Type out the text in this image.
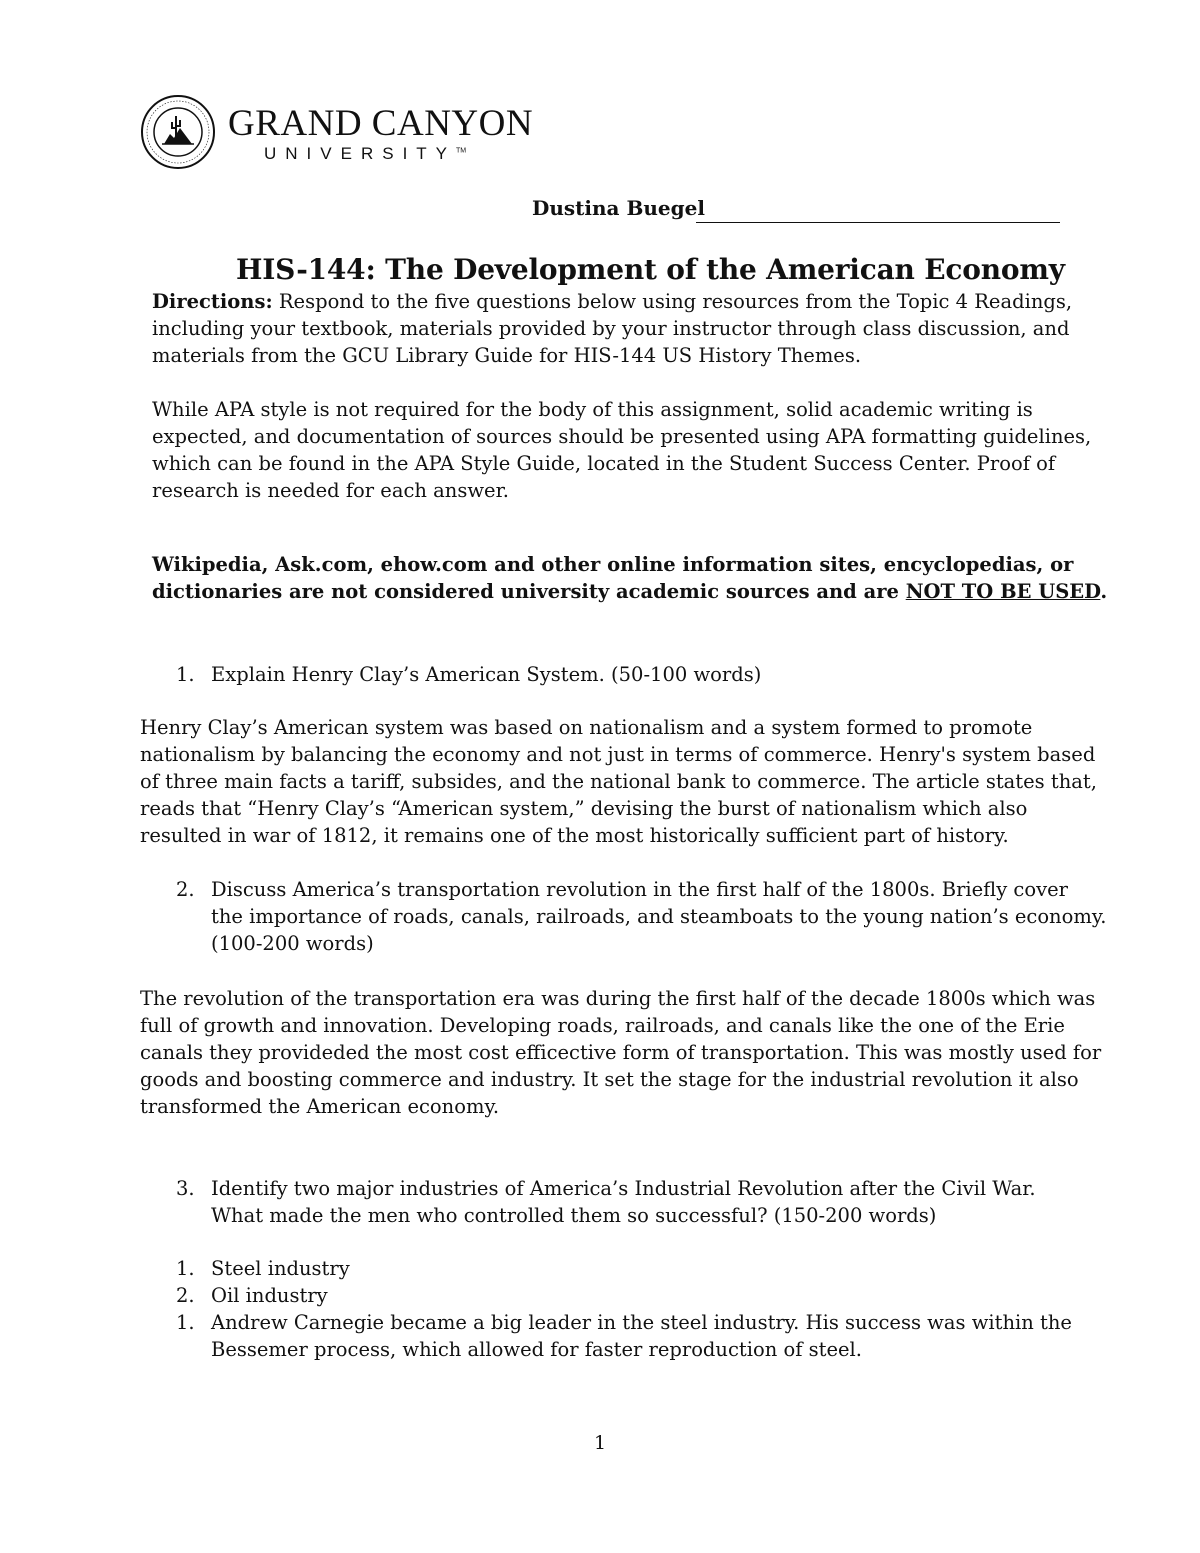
GRAND CANYON
UNIVERSITY™
Dustina Buegel
HIS-144: The Development of the American Economy
Directions: Respond to the five questions below using resources from the Topic 4 Readings,
including your textbook, materials provided by your instructor through class discussion, and
materials from the GCU Library Guide for HIS-144 US History Themes.
While APA style is not required for the body of this assignment, solid academic writing is
expected, and documentation of sources should be presented using APA formatting guidelines,
which can be found in the APA Style Guide, located in the Student Success Center. Proof of
research is needed for each answer.
Wikipedia, Ask.com, ehow.com and other online information sites, encyclopedias, or
dictionaries are not considered university academic sources and are NOT TO BE USED.
1. Explain Henry Clay’s American System. (50-100 words)
Henry Clay’s American system was based on nationalism and a system formed to promote
nationalism by balancing the economy and not just in terms of commerce. Henry's system based
of three main facts a tariff, subsides, and the national bank to commerce. The article states that,
reads that “Henry Clay’s “American system,” devising the burst of nationalism which also
resulted in war of 1812, it remains one of the most historically sufficient part of history.
2. Discuss America’s transportation revolution in the first half of the 1800s. Briefly cover
the importance of roads, canals, railroads, and steamboats to the young nation’s economy.
(100-200 words)
The revolution of the transportation era was during the first half of the decade 1800s which was
full of growth and innovation. Developing roads, railroads, and canals like the one of the Erie
canals they provideded the most cost efficective form of transportation. This was mostly used for
goods and boosting commerce and industry. It set the stage for the industrial revolution it also
transformed the American economy.
3. Identify two major industries of America’s Industrial Revolution after the Civil War.
What made the men who controlled them so successful? (150-200 words)
1. Steel industry
2. Oil industry
1. Andrew Carnegie became a big leader in the steel industry. His success was within the
Bessemer process, which allowed for faster reproduction of steel.
1
